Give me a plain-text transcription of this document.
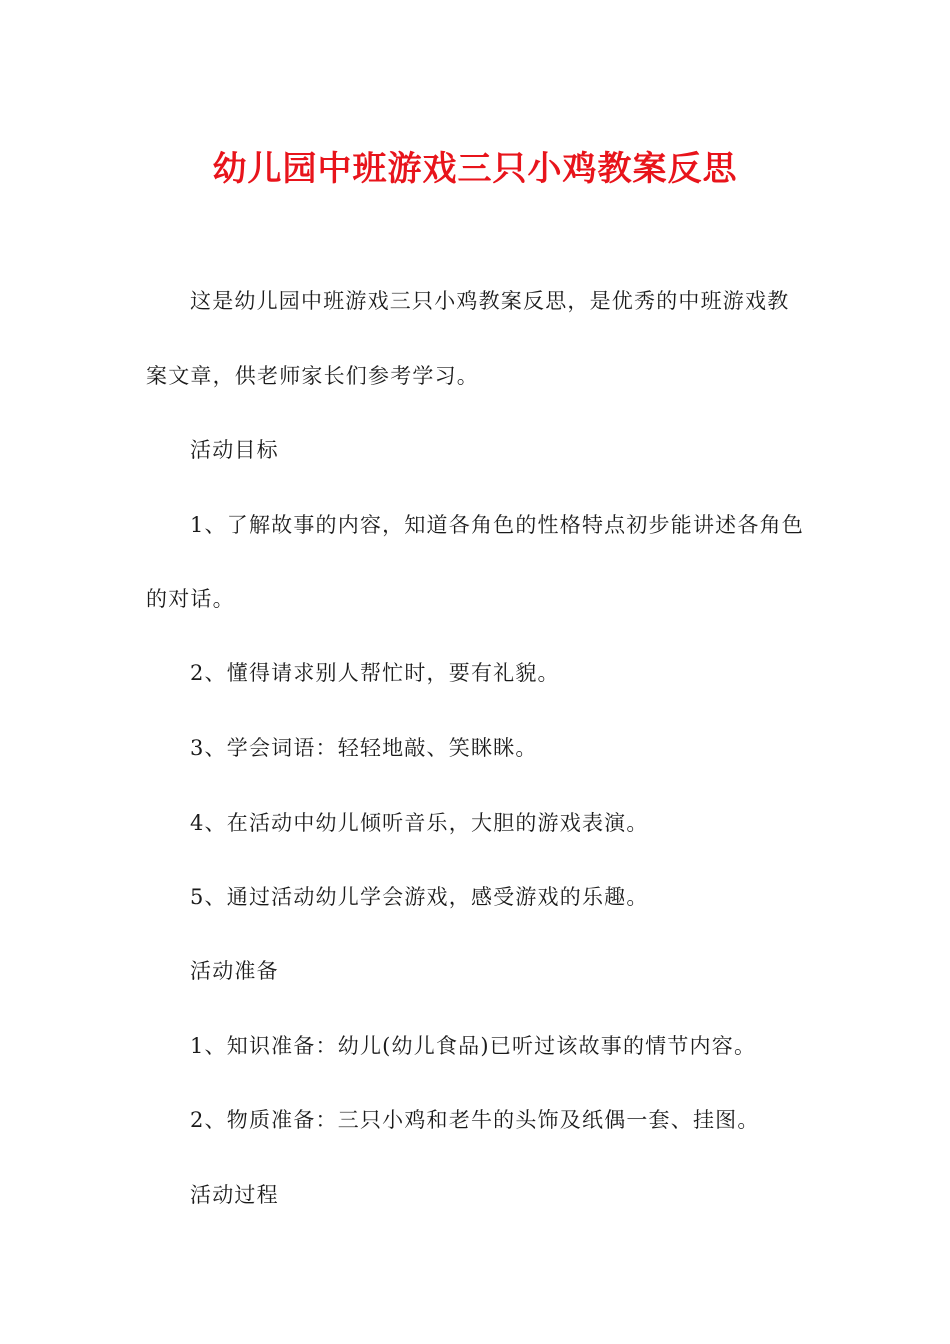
幼儿园中班游戏三只小鸡教案反思
这是幼儿园中班游戏三只小鸡教案反思，是优秀的中班游戏教
案文章，供老师家长们参考学习。
活动目标
1、了解故事的内容，知道各角色的性格特点初步能讲述各角色
的对话。
2、懂得请求别人帮忙时，要有礼貌。
3、学会词语：轻轻地敲、笑眯眯。
4、在活动中幼儿倾听音乐，大胆的游戏表演。
5、通过活动幼儿学会游戏，感受游戏的乐趣。
活动准备
1、知识准备：幼儿(幼儿食品)已听过该故事的情节内容。
2、物质准备：三只小鸡和老牛的头饰及纸偶一套、挂图。
活动过程
